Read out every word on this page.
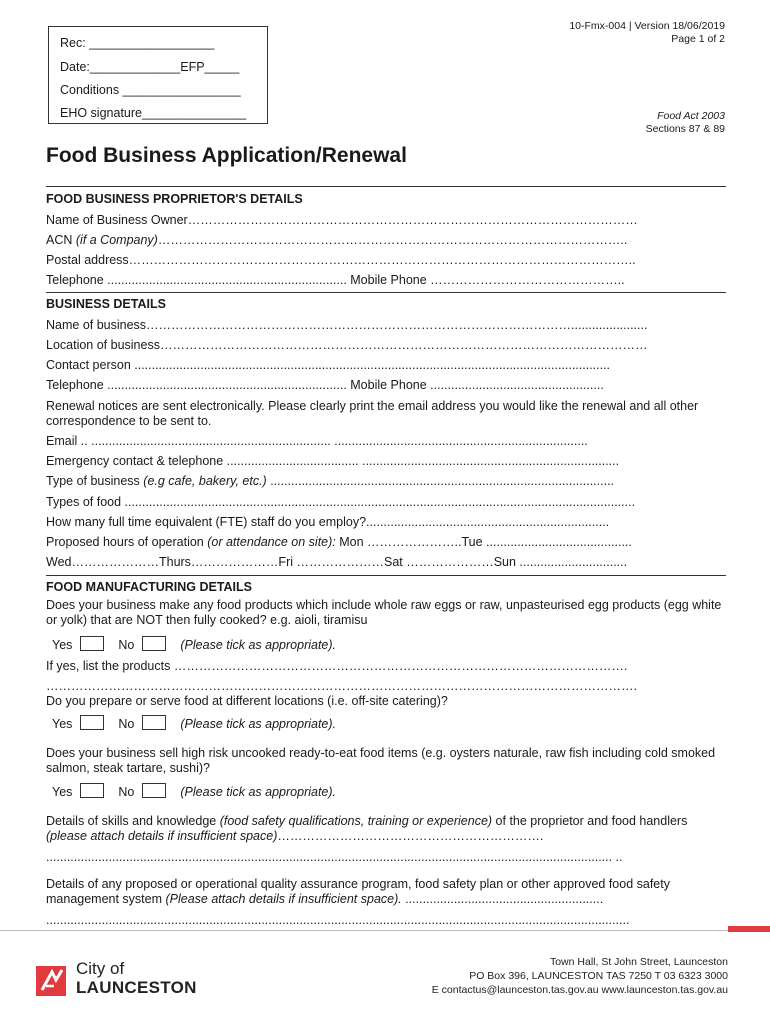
Rec: __________________
Date:_____________EFP_____
Conditions _________________
EHO signature_______________
10-Fmx-004 | Version 18/06/2019
Page 1 of 2
Food Act 2003
Sections 87 & 89
Food Business Application/Renewal
FOOD BUSINESS PROPRIETOR'S DETAILS
Name of Business Owner………………………………………………………………………………………………
ACN (if a Company)…………………………………………………………………………………………………..
Postal address…………………………………………………………………………………………………………..
Telephone ..................................................................... Mobile Phone ………………………………………..
BUSINESS DETAILS
Name of business…………………………………………………………………………………………......................
Location of business………………………………………………………………………………………………………
Contact person .........................................................................................................................................
Telephone ..................................................................... Mobile Phone ..................................................
Renewal notices are sent electronically. Please clearly print the email address you would like the renewal and all other correspondence to be sent to.
Email .. ..................................................................... .........................................................................
Emergency contact & telephone ...................................... ..........................................................................
Type of business (e.g cafe, bakery, etc.) ...................................................................................................
Types of food ...................................................................................................................................................
How many full time equivalent (FTE) staff do you employ?......................................................................
Proposed hours of operation (or attendance on site): Mon …………………..Tue ..........................................
Wed…………………Thurs…………………Fri …………………Sat …………………Sun ...............................
FOOD MANUFACTURING DETAILS
Does your business make any food products which include whole raw eggs or raw, unpasteurised egg products (egg white or yolk) that are NOT then fully cooked? e.g. aioli, tiramisu
Yes	No	(Please tick as appropriate).
If yes, list the products ……………………………………………………………………………………………….
…………………………………………………………………………………………………………………………….
Do you prepare or serve food at different locations (i.e. off-site catering)?
Yes	No	(Please tick as appropriate).
Does your business sell high risk uncooked ready-to-eat food items (e.g. oysters naturale, raw fish including cold smoked salmon, steak tartare, sushi)?
Yes	No	(Please tick as appropriate).
Details of skills and knowledge (food safety qualifications, training or experience) of the proprietor and food handlers (please attach details if insufficient space)……………………………………………………….
................................................................................................................................................................... ..
Details of any proposed or operational quality assurance program, food safety plan or other approved food safety management system (Please attach details if insufficient space). .........................................................
........................................................................................................................................................................
City of
LAUNCESTON
Town Hall, St John Street, Launceston
PO Box 396, LAUNCESTON TAS 7250 T 03 6323 3000
E contactus@launceston.tas.gov.au www.launceston.tas.gov.au
